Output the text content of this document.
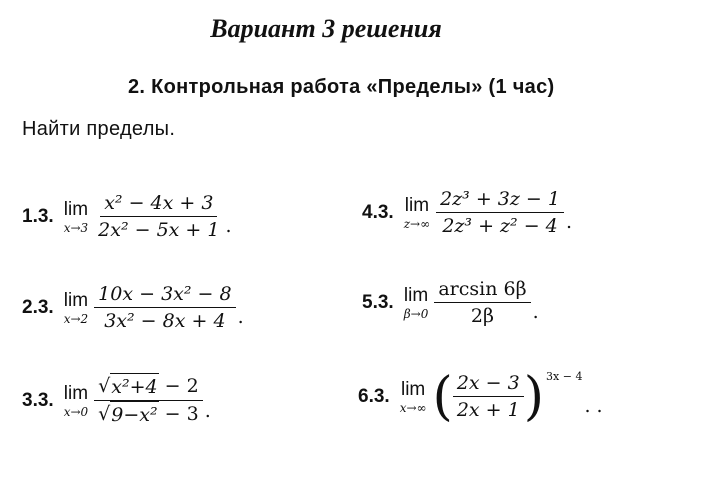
Вариант 3 решения
2. Контрольная работа «Пределы» (1 час)
Найти пределы.
1.3. lim
$x\to 3 \frac{\text{x² − 4x + 3}}{\text{2x² − 5x + 1}}$ .
2.3. lim
$x\to 2 \frac{\text{10x − 3x² − 8}}{\text{3x² − 8x + 4}}$ .
3.3. lim
$x\to 0 \frac{\text{√ x²+4 − 2}}{\text{√ 9−x² − 3}}$ .
4.3. lim
$z\to\infty \frac{\text{2z³ + 3z − 1}}{\text{2z³ + z² − 4}}$ .
5.3. lim
$\beta\to 0 \frac{\arcsin 6\beta}{2\beta}$ .
6.3. lim
x→∞ ( $\frac{2x - 3}{2x + 1}$ ) 3x − 4
. .
